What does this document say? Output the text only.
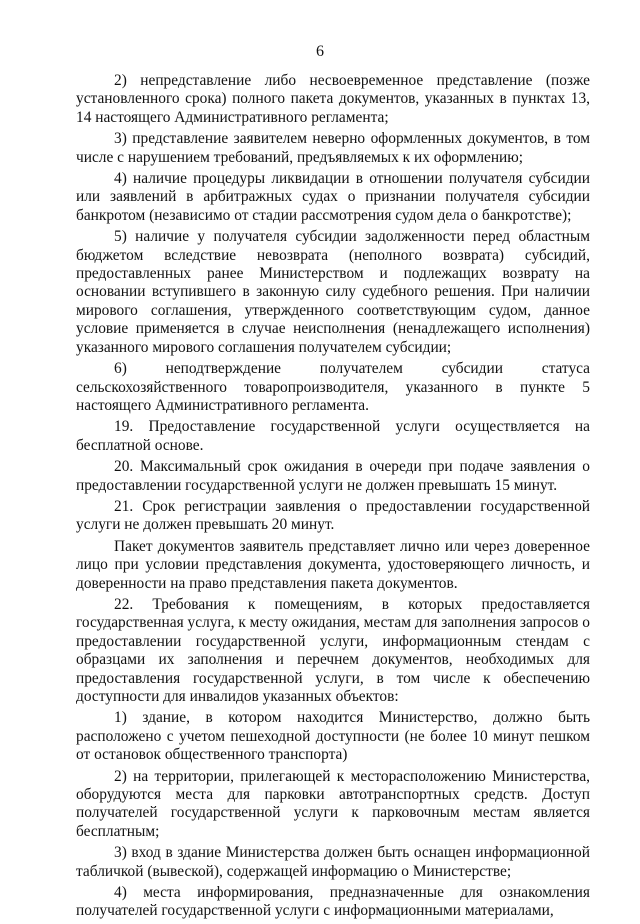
6

2) непредставление либо несвоевременное представление (позже установленного срока) полного пакета документов, указанных в пунктах 13, 14 настоящего Административного регламента;

3) представление заявителем неверно оформленных документов, в том числе с нарушением требований, предъявляемых к их оформлению;

4) наличие процедуры ликвидации в отношении получателя субсидии или заявлений в арбитражных судах о признании получателя субсидии банкротом (независимо от стадии рассмотрения судом дела о банкротстве);

5) наличие у получателя субсидии задолженности перед областным бюджетом вследствие невозврата (неполного возврата) субсидий, предоставленных ранее Министерством и подлежащих возврату на основании вступившего в законную силу судебного решения. При наличии мирового соглашения, утвержденного соответствующим судом, данное условие применяется в случае неисполнения (ненадлежащего исполнения) указанного мирового соглашения получателем субсидии;

6) неподтверждение получателем субсидии статуса сельскохозяйственного товаропроизводителя, указанного в пункте 5 настоящего Административного регламента.

19. Предоставление государственной услуги осуществляется на бесплатной основе.

20. Максимальный срок ожидания в очереди при подаче заявления о предоставлении государственной услуги не должен превышать 15 минут.

21. Срок регистрации заявления о предоставлении государственной услуги не должен превышать 20 минут.

Пакет документов заявитель представляет лично или через доверенное лицо при условии представления документа, удостоверяющего личность, и доверенности на право представления пакета документов.

22. Требования к помещениям, в которых предоставляется государственная услуга, к месту ожидания, местам для заполнения запросов о предоставлении государственной услуги, информационным стендам с образцами их заполнения и перечнем документов, необходимых для предоставления государственной услуги, в том числе к обеспечению доступности для инвалидов указанных объектов:

1) здание, в котором находится Министерство, должно быть расположено с учетом пешеходной доступности (не более 10 минут пешком от остановок общественного транспорта)

2) на территории, прилегающей к месторасположению Министерства, оборудуются места для парковки автотранспортных средств. Доступ получателей государственной услуги к парковочным местам является бесплатным;

3) вход в здание Министерства должен быть оснащен информационной табличкой (вывеской), содержащей информацию о Министерстве;

4) места информирования, предназначенные для ознакомления получателей государственной услуги с информационными материалами,
